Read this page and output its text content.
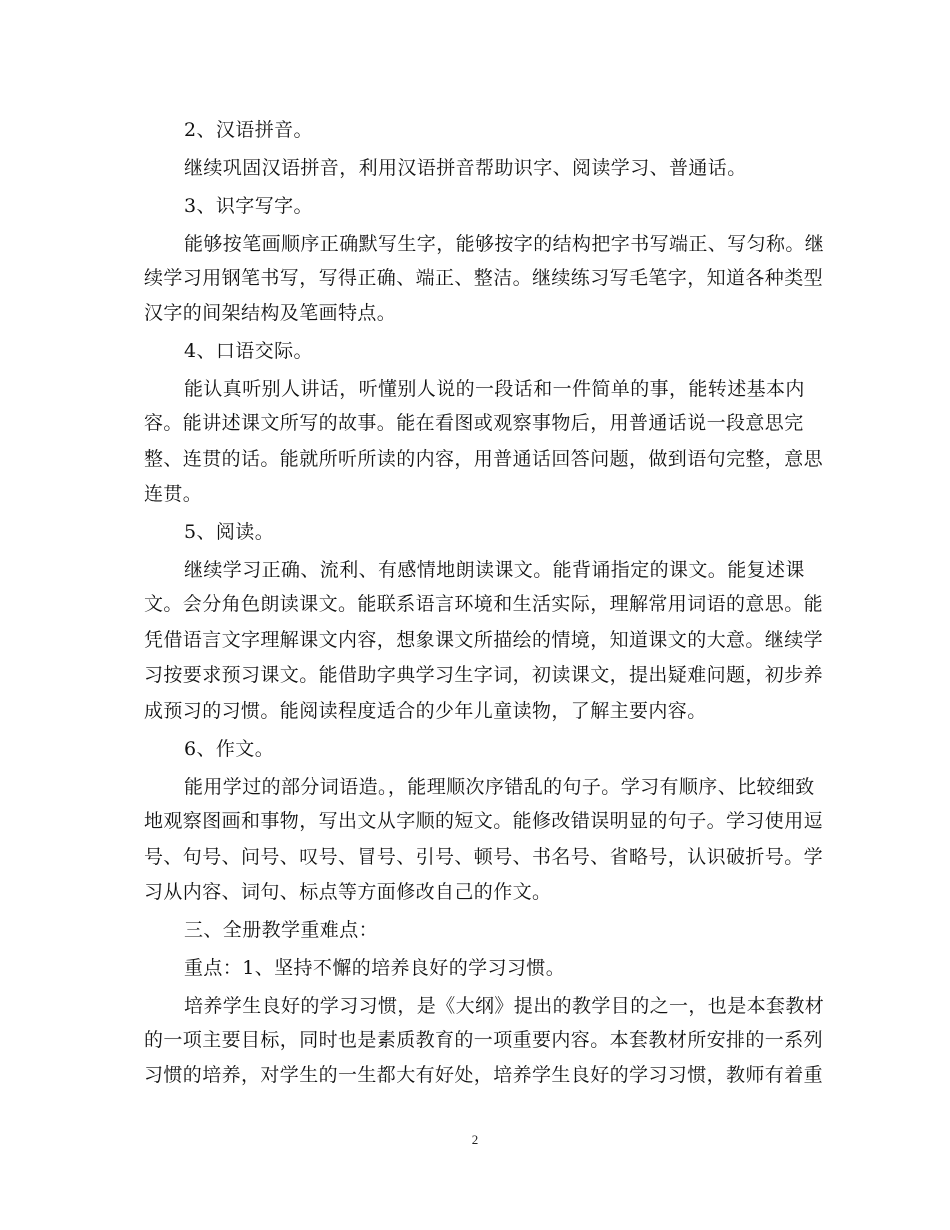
2、汉语拼音。
继续巩固汉语拼音，利用汉语拼音帮助识字、阅读学习、普通话。
3、识字写字。
能够按笔画顺序正确默写生字，能够按字的结构把字书写端正、写匀称。继
续学习用钢笔书写，写得正确、端正、整洁。继续练习写毛笔字，知道各种类型
汉字的间架结构及笔画特点。
4、口语交际。
能认真听别人讲话，听懂别人说的一段话和一件简单的事，能转述基本内
容。能讲述课文所写的故事。能在看图或观察事物后，用普通话说一段意思完
整、连贯的话。能就所听所读的内容，用普通话回答问题，做到语句完整，意思
连贯。
5、阅读。
继续学习正确、流利、有感情地朗读课文。能背诵指定的课文。能复述课
文。会分角色朗读课文。能联系语言环境和生活实际，理解常用词语的意思。能
凭借语言文字理解课文内容，想象课文所描绘的情境，知道课文的大意。继续学
习按要求预习课文。能借助字典学习生字词，初读课文，提出疑难问题，初步养
成预习的习惯。能阅读程度适合的少年儿童读物，了解主要内容。
6、作文。
能用学过的部分词语造。，能理顺次序错乱的句子。学习有顺序、比较细致
地观察图画和事物，写出文从字顺的短文。能修改错误明显的句子。学习使用逗
号、句号、问号、叹号、冒号、引号、顿号、书名号、省略号，认识破折号。学
习从内容、词句、标点等方面修改自己的作文。
三、全册教学重难点：
重点：1、坚持不懈的培养良好的学习习惯。
培养学生良好的学习习惯，是《大纲》提出的教学目的之一，也是本套教材
的一项主要目标，同时也是素质教育的一项重要内容。本套教材所安排的一系列
习惯的培养，对学生的一生都大有好处，培养学生良好的学习习惯，教师有着重
2
